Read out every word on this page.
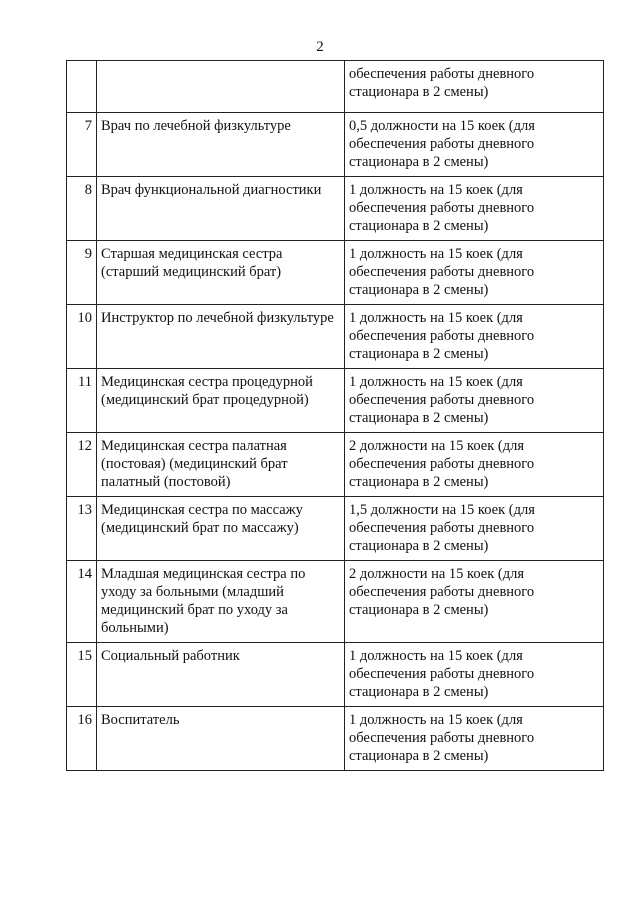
2

		обеспечения работы дневного стационара в 2 смены)

7	Врач по лечебной физкультуре	0,5 должности на 15 коек (для обеспечения работы дневного стационара в 2 смены)

8	Врач функциональной диагностики	1 должность на 15 коек (для обеспечения работы дневного стационара в 2 смены)

9	Старшая медицинская сестра (старший медицинский брат)	1 должность на 15 коек (для обеспечения работы дневного стационара в 2 смены)

10	Инструктор по лечебной физкультуре	1 должность на 15 коек (для обеспечения работы дневного стационара в 2 смены)

11	Медицинская сестра процедурной (медицинский брат процедурной)	1 должность на 15 коек (для обеспечения работы дневного стационара в 2 смены)

12	Медицинская сестра палатная (постовая) (медицинский брат палатный (постовой)	2 должности на 15 коек (для обеспечения работы дневного стационара в 2 смены)

13	Медицинская сестра по массажу (медицинский брат по массажу)	1,5 должности на 15 коек (для обеспечения работы дневного стационара в 2 смены)

14	Младшая медицинская сестра по уходу за больными (младший медицинский брат по уходу за больными)	2 должности на 15 коек (для обеспечения работы дневного стационара в 2 смены)

15	Социальный работник	1 должность на 15 коек (для обеспечения работы дневного стационара в 2 смены)

16	Воспитатель	1 должность на 15 коек (для обеспечения работы дневного стационара в 2 смены)
